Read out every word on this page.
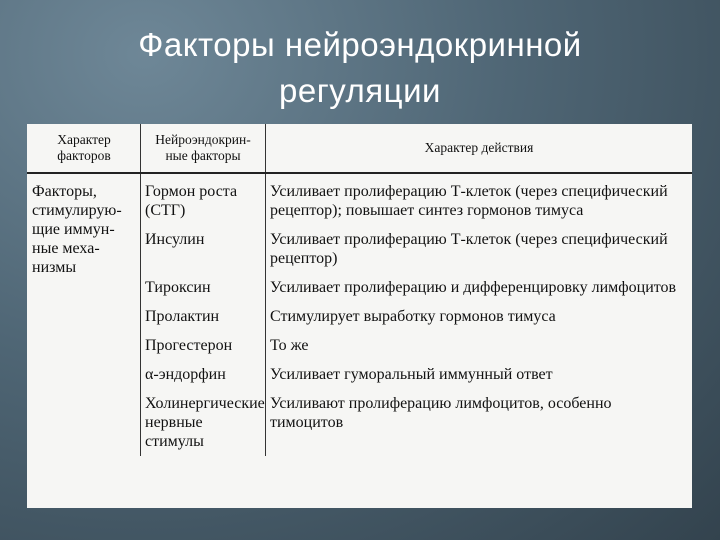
Факторы нейроэндокринной
регуляции
Характер факторов	Нейроэндокрин-ные факторы	Характер действия
Факторы, стимулирую-щие иммун-ные меха-низмы	Гормон роста (СТГ)	Усиливает пролиферацию Т-клеток (через специфический рецептор); повышает синтез гормонов тимуса
	Инсулин	Усиливает пролиферацию Т-клеток (через специфический рецептор)
	Тироксин	Усиливает пролиферацию и дифференцировку лимфоцитов
	Пролактин	Стимулирует выработку гормонов тимуса
	Прогестерон	То же
	α-эндорфин	Усиливает гуморальный иммунный ответ
	Холинергические нервные стимулы	Усиливают пролиферацию лимфоцитов, особенно тимоцитов
